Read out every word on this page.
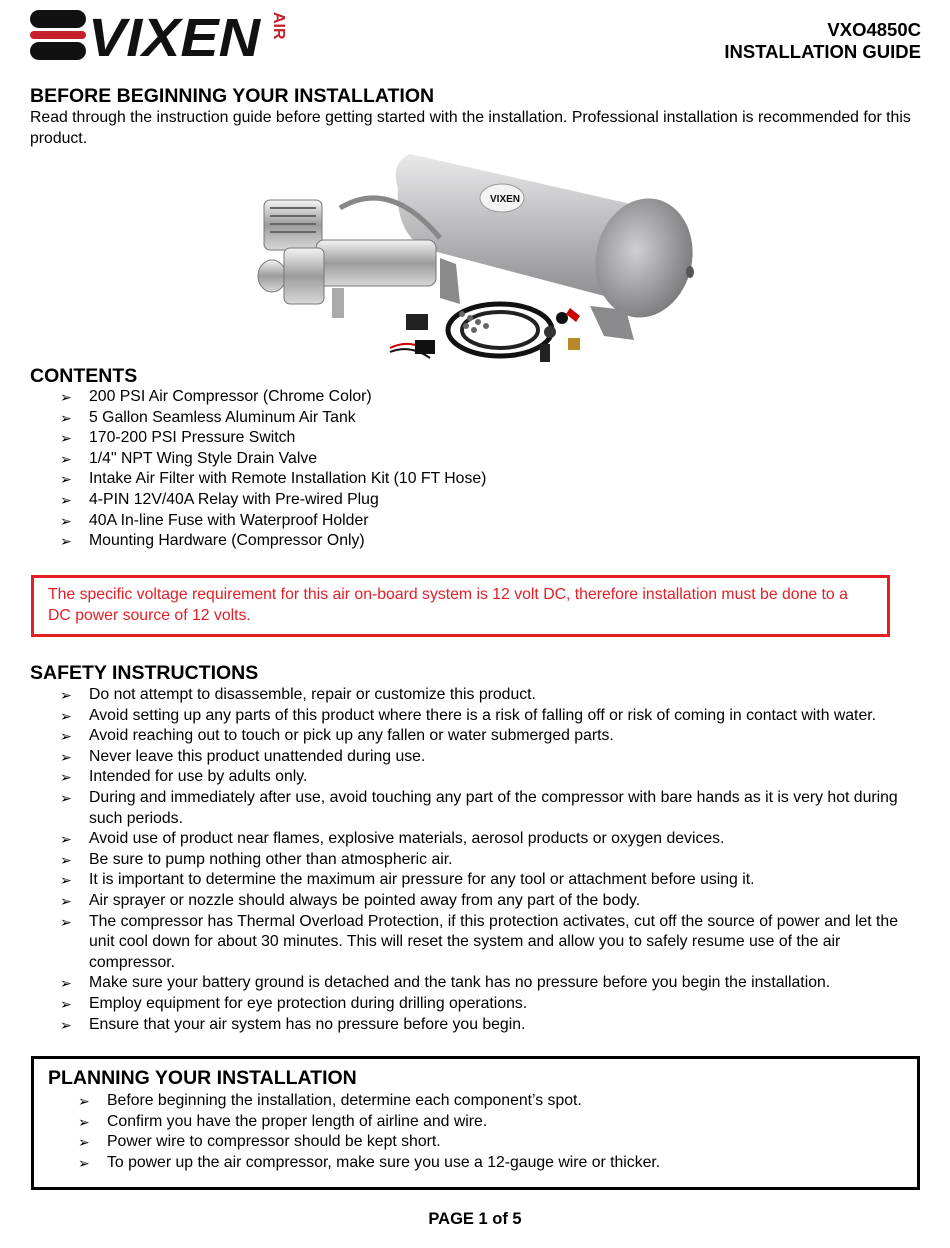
VIXEN AIR	VXO4850C
INSTALLATION GUIDE
BEFORE BEGINNING YOUR INSTALLATION
Read through the instruction guide before getting started with the installation. Professional installation is recommended for this product.
VIXEN
CONTENTS
➢ 200 PSI Air Compressor (Chrome Color)
➢ 5 Gallon Seamless Aluminum Air Tank
➢ 170-200 PSI Pressure Switch
➢ 1/4" NPT Wing Style Drain Valve
➢ Intake Air Filter with Remote Installation Kit (10 FT Hose)
➢ 4-PIN 12V/40A Relay with Pre-wired Plug
➢ 40A In-line Fuse with Waterproof Holder
➢ Mounting Hardware (Compressor Only)
The specific voltage requirement for this air on-board system is 12 volt DC, therefore installation must be done to a DC power source of 12 volts.
SAFETY INSTRUCTIONS
➢ Do not attempt to disassemble, repair or customize this product.
➢ Avoid setting up any parts of this product where there is a risk of falling off or risk of coming in contact with water.
➢ Avoid reaching out to touch or pick up any fallen or water submerged parts.
➢ Never leave this product unattended during use.
➢ Intended for use by adults only.
➢ During and immediately after use, avoid touching any part of the compressor with bare hands as it is very hot during such periods.
➢ Avoid use of product near flames, explosive materials, aerosol products or oxygen devices.
➢ Be sure to pump nothing other than atmospheric air.
➢ It is important to determine the maximum air pressure for any tool or attachment before using it.
➢ Air sprayer or nozzle should always be pointed away from any part of the body.
➢ The compressor has Thermal Overload Protection, if this protection activates, cut off the source of power and let the unit cool down for about 30 minutes. This will reset the system and allow you to safely resume use of the air compressor.
➢ Make sure your battery ground is detached and the tank has no pressure before you begin the installation.
➢ Employ equipment for eye protection during drilling operations.
➢ Ensure that your air system has no pressure before you begin.
PLANNING YOUR INSTALLATION
➢ Before beginning the installation, determine each component’s spot.
➢ Confirm you have the proper length of airline and wire.
➢ Power wire to compressor should be kept short.
➢ To power up the air compressor, make sure you use a 12-gauge wire or thicker.
PAGE 1 of 5
